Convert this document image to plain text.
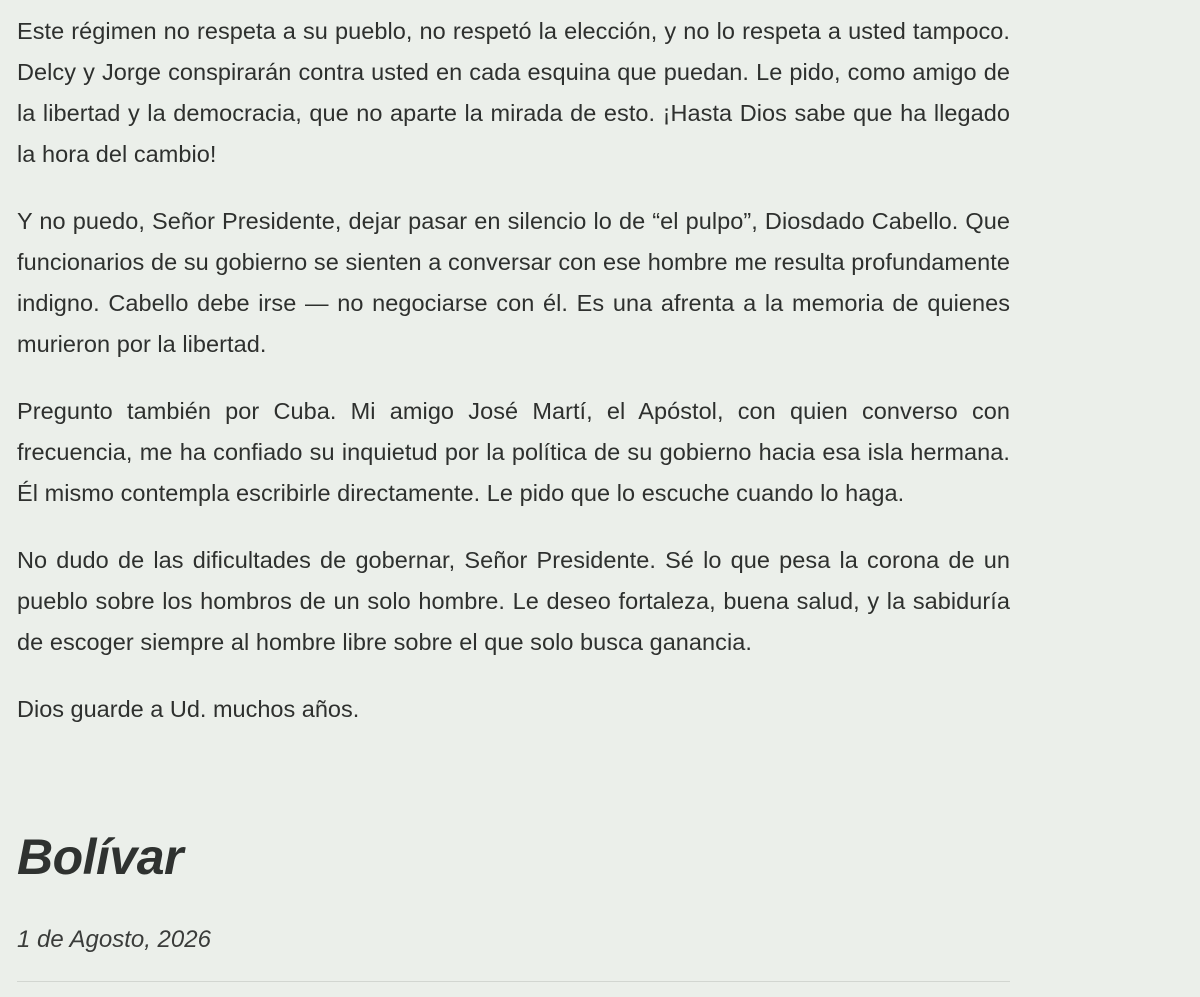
Este régimen no respeta a su pueblo, no respetó la elección, y no lo respeta a usted tampoco. Delcy y Jorge conspirarán contra usted en cada esquina que puedan. Le pido, como amigo de la libertad y la democracia, que no aparte la mirada de esto. ¡Hasta Dios sabe que ha llegado la hora del cambio!

Y no puedo, Señor Presidente, dejar pasar en silencio lo de “el pulpo”, Diosdado Cabello. Que funcionarios de su gobierno se sienten a conversar con ese hombre me resulta profundamente indigno. Cabello debe irse — no negociarse con él. Es una afrenta a la memoria de quienes murieron por la libertad.

Pregunto también por Cuba. Mi amigo José Martí, el Apóstol, con quien converso con frecuencia, me ha confiado su inquietud por la política de su gobierno hacia esa isla hermana. Él mismo contempla escribirle directamente. Le pido que lo escuche cuando lo haga.

No dudo de las dificultades de gobernar, Señor Presidente. Sé lo que pesa la corona de un pueblo sobre los hombros de un solo hombre. Le deseo fortaleza, buena salud, y la sabiduría de escoger siempre al hombre libre sobre el que solo busca ganancia.

Dios guarde a Ud. muchos años.

Bolívar

1 de Agosto, 2026
